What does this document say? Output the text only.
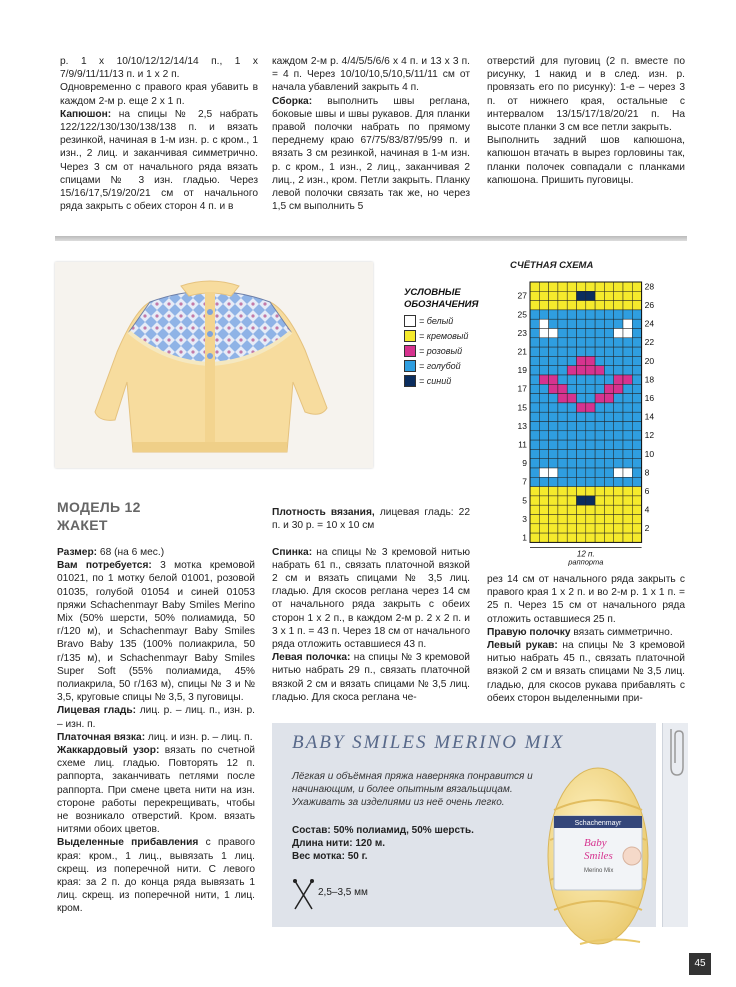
р. 1 х 10/10/12/12/14/14 п., 1 х 7/9/9/11/11/13 п. и 1 х 2 п.

Одновременно с правого края убавить в каждом 2-м р. еще 2 х 1 п.

Капюшон: на спицы № 2,5 набрать 122/122/130/130/138/138 п. и вязать резинкой, начиная в 1-м изн. р. с кром., 1 изн., 2 лиц. и заканчивая симметрично. Через 3 см от начального ряда вязать спицами № 3 изн. гладью. Через 15/16/17,5/19/20/21 см от начального ряда закрыть с обеих сторон 4 п. и в

каждом 2-м р. 4/4/5/5/6/6 х 4 п. и 13 х 3 п. = 4 п. Через 10/10/10,5/10,5/11/11 см от начала убавлений закрыть 4 п.

Сборка: выполнить швы реглана, боковые швы и швы рукавов. Для планки правой полочки набрать по прямому переднему краю 67/75/83/87/95/99 п. и вязать 3 см резинкой, начиная в 1-м изн. р. с кром., 1 изн., 2 лиц., заканчивая 2 лиц., 2 изн., кром. Петли закрыть. Планку левой полочки связать так же, но через 1,5 см выполнить 5

отверстий для пуговиц (2 п. вместе по рисунку, 1 накид и в след. изн. р. провязать его по рисунку): 1-е – через 3 п. от нижнего края, остальные с интервалом 13/15/17/18/20/21 п. На высоте планки 3 см все петли закрыть.

Выполнить задний шов капюшона, капюшон втачать в вырез горловины так, планки полочек совпадали с планками капюшона. Пришить пуговицы.

УСЛОВНЫЕ
ОБОЗНАЧЕНИЯ
= белый
= кремовый
= розовый
= голубой
= синий
СЧЁТНАЯ СХЕМА
27
25
23
21
19
17
15
13
11
9
7
5
3
1
28
26
24
22
20
18
16
14
12
10
8
6
4
2
12 п.
раппорта
МОДЕЛЬ 12
ЖАКЕТ

Размер: 68 (на 6 мес.)

Вам потребуется: 3 мотка кремовой 01021, по 1 мотку белой 01001, розовой 01035, голубой 01054 и синей 01053 пряжи Schachenmayr Baby Smiles Merino Mix (50% шерсти, 50% полиамида, 50 г/120 м), и Schachenmayr Baby Smiles Bravo Baby 135 (100% полиакрила, 50 г/135 м), и Schachenmayr Baby Smiles Super Soft (55% полиамида, 45% полиакрила, 50 г/163 м), спицы № 3 и № 3,5, круговые спицы № 3,5, 3 пуговицы.

Лицевая гладь: лиц. р. – лиц. п., изн. р. – изн. п.

Платочная вязка: лиц. и изн. р. – лиц. п.

Жаккардовый узор: вязать по счетной схеме лиц. гладью. Повторять 12 п. раппорта, заканчивать петлями после раппорта. При смене цвета нити на изн. стороне работы перекрещивать, чтобы не возникало отверстий. Кром. вязать нитями обоих цветов.

Выделенные прибавления с правого края: кром., 1 лиц., вывязать 1 лиц. скрещ. из поперечной нити. С левого края: за 2 п. до конца ряда вывязать 1 лиц. скрещ. из поперечной нити, 1 лиц. кром.

Плотность вязания, лицевая гладь: 22 п. и 30 р. = 10 х 10 см

Спинка: на спицы № 3 кремовой нитью набрать 61 п., связать платочной вязкой 2 см и вязать спицами № 3,5 лиц. гладью. Для скосов реглана через 14 см от начального ряда закрыть с обеих сторон 1 х 2 п., в каждом 2-м р. 2 х 2 п. и 3 х 1 п. = 43 п. Через 18 см от начального ряда отложить оставшиеся 43 п.

Левая полочка: на спицы № 3 кремовой нитью набрать 29 п., связать платочной вязкой 2 см и вязать спицами № 3,5 лиц. гладью. Для скоса реглана че-

рез 14 см от начального ряда закрыть с правого края 1 х 2 п. и во 2-м р. 1 х 1 п. = 25 п. Через 15 см от начального ряда отложить оставшиеся 25 п.

Правую полочку вязать симметрично.

Левый рукав: на спицы № 3 кремовой нитью набрать 45 п., связать платочной вязкой 2 см и вязать спицами № 3,5 лиц. гладью, для скосов рукава прибавлять с обеих сторон выделенными при-

BABY SMILES MERINO MIX
Лёгкая и объёмная пряжа наверняка понравится и начинающим, и более опытным вязальщицам. Ухаживать за изделиями из неё очень легко.
Состав: 50% полиамид, 50% шерсть.
Длина нити: 120 м.
Вес мотка: 50 г.
2,5–3,5 мм
Schachenmayr
Baby
Smiles
Merino Mix
45
